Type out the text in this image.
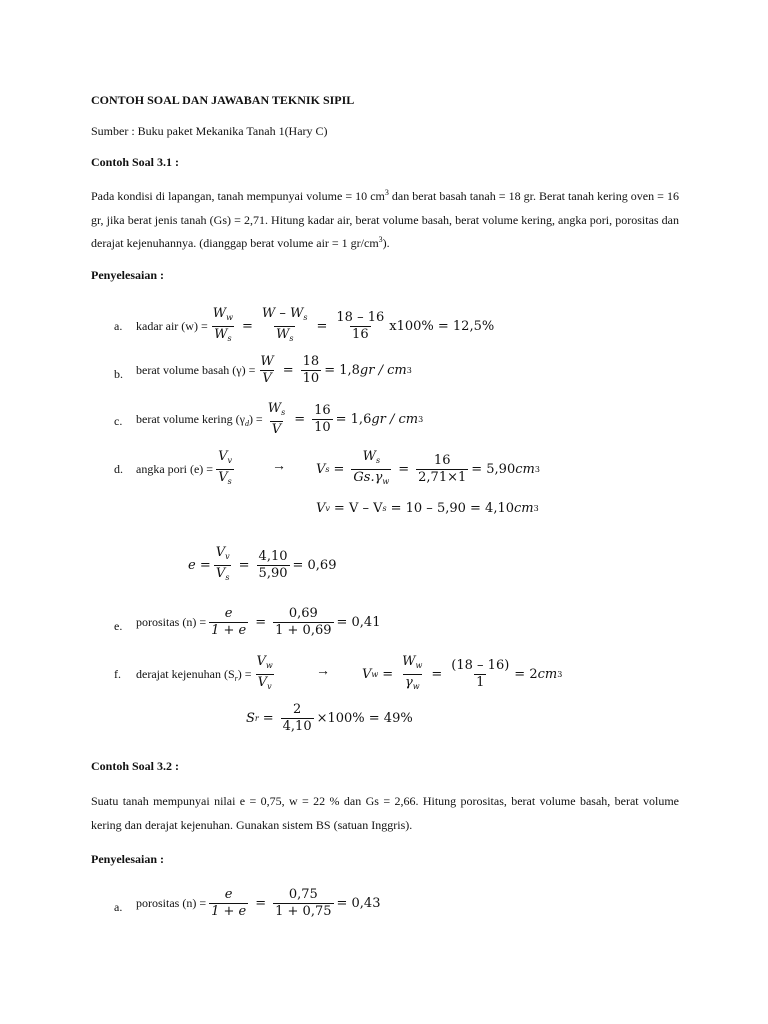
CONTOH SOAL DAN JAWABAN TEKNIK SIPIL
Sumber : Buku paket Mekanika Tanah 1(Hary C)
Contoh Soal 3.1 :
Pada kondisi di lapangan, tanah mempunyai volume = 10 $cm^3$ dan berat basah tanah = 18 gr. Berat tanah kering oven = 16 gr, jika berat jenis tanah (Gs) = 2,71. Hitung kadar air, berat volume basah, berat volume kering, angka pori, porositas dan derajat kejenuhannya. (dianggap berat volume air = 1 $gr/cm^3$).
Penyelesaian :
a. kadar air $(w) = \frac{W_w}{W_s} = \frac{W - W_s}{W_s} = \frac{18 - 16}{16} x100\% = 12,5\%$
b. berat volume basah $(\gamma) = \frac{W}{V} = \frac{18}{10} = 1,8$ gr / cm 3
c. berat volume kering $(\gamma_d) = \frac{W_s}{V} = \frac{16}{10} = 1,6$ gr / cm 3
d. angka pori $(e) = \frac{V_v}{V_s}$	→ V $s = \frac{W_s}{Gs.\gamma_w} = \frac{16}{2,71\times 1} = 5,90$ cm 3
V v = V – V s = 10 – 5,90 = 4,10 cm 3
$e = \frac{V_v}{V_s} = \frac{4,10}{5,90} = 0,69$
e. porositas $(n) = \frac{e}{1 + e} = \frac{0,69}{1 + 0,69} = 0,41$
f. derajat kejenuhan $(S_r) = \frac{V_w}{V_v}$	→ V $w = \frac{W_w}{\gamma_w} = \frac{(18 - 16)}{1} = 2$ cm 3
S $r = \frac{2}{4,10} \times 100\% = 49\%$
Contoh Soal 3.2 :
Suatu tanah mempunyai nilai e = 0,75, w = 22 % dan Gs = 2,66. Hitung porositas, berat volume basah, berat volume kering dan derajat kejenuhan. Gunakan sistem BS (satuan Inggris).
Penyelesaian :
a. porositas $(n) = \frac{e}{1 + e} = \frac{0,75}{1 + 0,75} = 0,43$
